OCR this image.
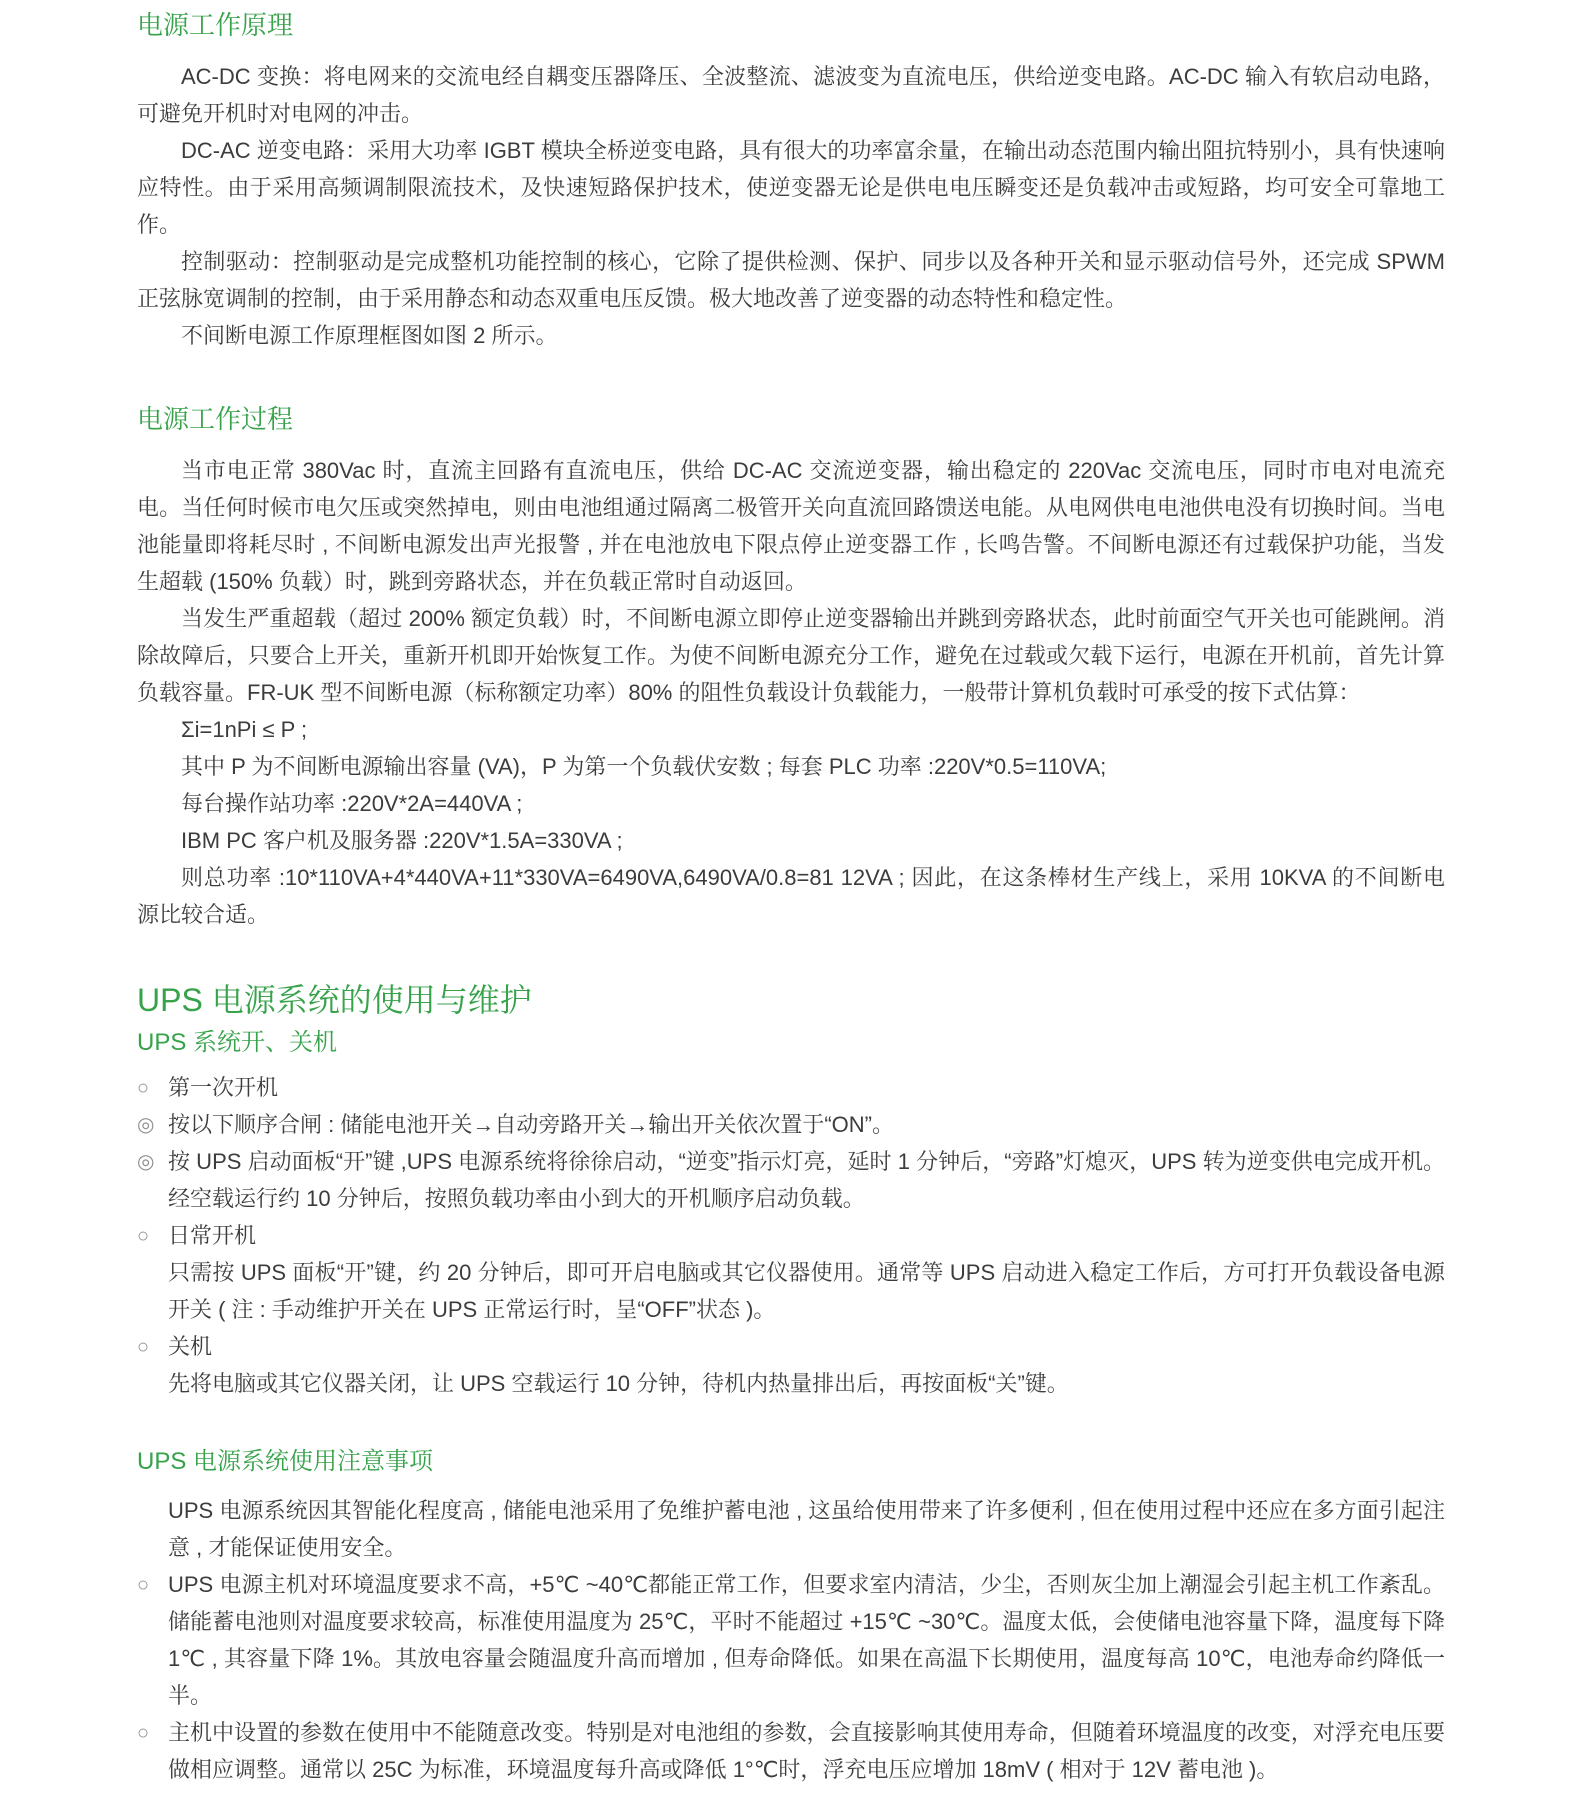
电源工作原理

AC-DC 变换：将电网来的交流电经自耦变压器降压、全波整流、滤波变为直流电压，供给逆变电路。AC-DC 输入有软启动电路，可避免开机时对电网的冲击。

DC-AC 逆变电路：采用大功率 IGBT 模块全桥逆变电路，具有很大的功率富余量，在输出动态范围内输出阻抗特别小，具有快速响应特性。由于采用高频调制限流技术，及快速短路保护技术，使逆变器无论是供电电压瞬变还是负载冲击或短路，均可安全可靠地工作。

控制驱动：控制驱动是完成整机功能控制的核心，它除了提供检测、保护、同步以及各种开关和显示驱动信号外，还完成 SPWM 正弦脉宽调制的控制，由于采用静态和动态双重电压反馈。极大地改善了逆变器的动态特性和稳定性。

不间断电源工作原理框图如图 2 所示。

电源工作过程

当市电正常 380Vac 时，直流主回路有直流电压，供给 DC-AC 交流逆变器，输出稳定的 220Vac 交流电压，同时市电对电流充电。当任何时候市电欠压或突然掉电，则由电池组通过隔离二极管开关向直流回路馈送电能。从电网供电电池供电没有切换时间。当电池能量即将耗尽时 , 不间断电源发出声光报警 , 并在电池放电下限点停止逆变器工作 , 长鸣告警。不间断电源还有过载保护功能，当发生超载 (150% 负载）时，跳到旁路状态，并在负载正常时自动返回。

当发生严重超载（超过 200% 额定负载）时，不间断电源立即停止逆变器输出并跳到旁路状态，此时前面空气开关也可能跳闸。消除故障后，只要合上开关，重新开机即开始恢复工作。为使不间断电源充分工作，避免在过载或欠载下运行，电源在开机前，首先计算负载容量。FR-UK 型不间断电源（标称额定功率）80% 的阻性负载设计负载能力，一般带计算机负载时可承受的按下式估算：

Σi=1nPi ≤ P ;

其中 P 为不间断电源输出容量 (VA)，P 为第一个负载伏安数 ; 每套 PLC 功率 :220V*0.5=110VA;

每台操作站功率 :220V*2A=440VA ;

IBM PC 客户机及服务器 :220V*1.5A=330VA ;

则总功率 :10*110VA+4*440VA+11*330VA=6490VA,6490VA/0.8=81 12VA ; 因此，在这条棒材生产线上，采用 10KVA 的不间断电源比较合适。

UPS 电源系统的使用与维护
UPS 系统开、关机
○ 第一次开机
◎ 按以下顺序合闸 : 储能电池开关→自动旁路开关→输出开关依次置于“ON”。
◎ 按 UPS 启动面板“开”键 ,UPS 电源系统将徐徐启动，“逆变”指示灯亮，延时 1 分钟后，“旁路”灯熄灭，UPS 转为逆变供电完成开机。经空载运行约 10 分钟后，按照负载功率由小到大的开机顺序启动负载。
○ 日常开机
只需按 UPS 面板“开”键，约 20 分钟后，即可开启电脑或其它仪器使用。通常等 UPS 启动进入稳定工作后，方可打开负载设备电源开关 ( 注 : 手动维护开关在 UPS 正常运行时，呈“OFF”状态 )。
○ 关机
先将电脑或其它仪器关闭，让 UPS 空载运行 10 分钟，待机内热量排出后，再按面板“关”键。
UPS 电源系统使用注意事项

UPS 电源系统因其智能化程度高 , 储能电池采用了免维护蓄电池 , 这虽给使用带来了许多便利 , 但在使用过程中还应在多方面引起注意 , 才能保证使用安全。

○ UPS 电源主机对环境温度要求不高，+5℃ ~40℃都能正常工作，但要求室内清洁，少尘，否则灰尘加上潮湿会引起主机工作紊乱。储能蓄电池则对温度要求较高，标准使用温度为 25℃，平时不能超过 +15℃ ~30℃。温度太低，会使储电池容量下降，温度每下降 1℃ , 其容量下降 1%。其放电容量会随温度升高而增加 , 但寿命降低。如果在高温下长期使用，温度每高 10℃，电池寿命约降低一半。
○ 主机中设置的参数在使用中不能随意改变。特别是对电池组的参数，会直接影响其使用寿命，但随着环境温度的改变，对浮充电压要做相应调整。通常以 25C 为标准，环境温度每升高或降低 1°℃时，浮充电压应增加 18mV ( 相对于 12V 蓄电池 )。
